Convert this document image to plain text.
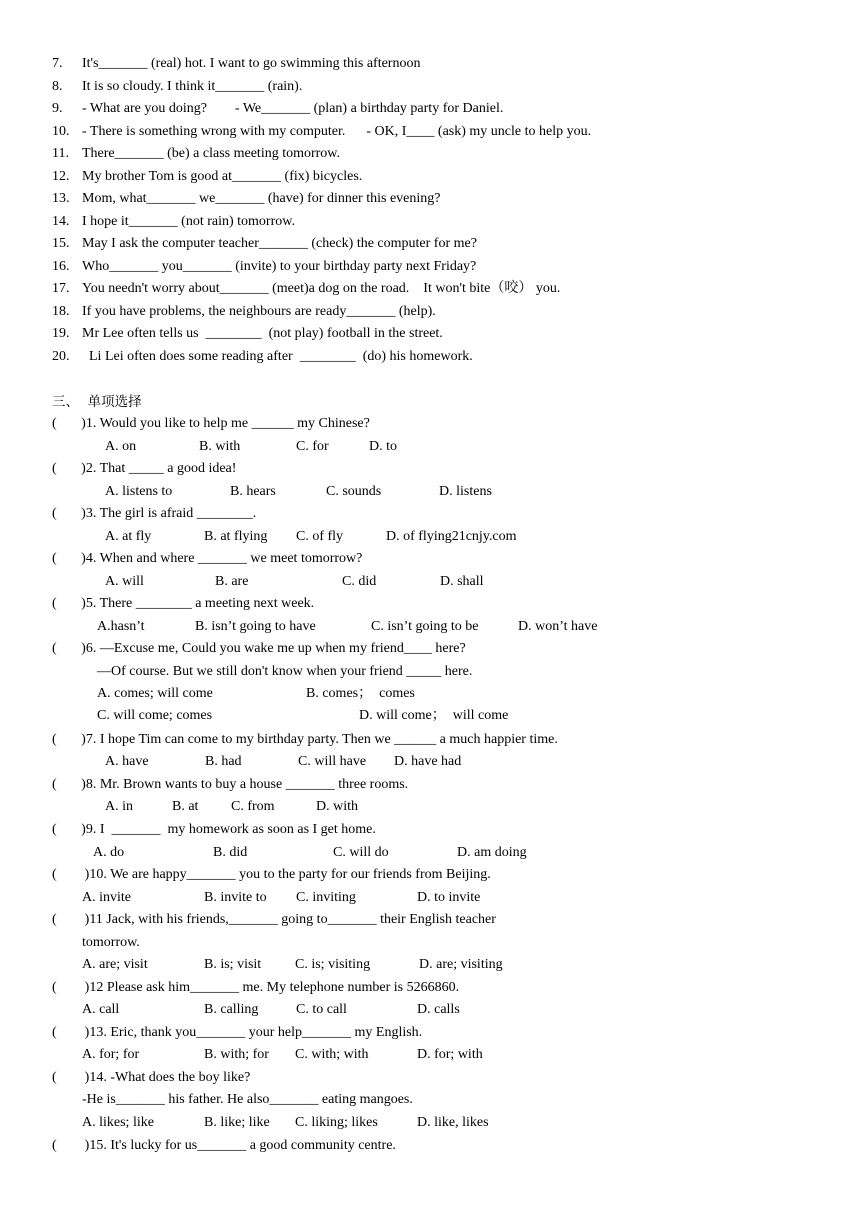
7. It's_______ (real) hot. I want to go swimming this afternoon
8. It is so cloudy. I think it_______ (rain).
9. - What are you doing?        - We_______ (plan) a birthday party for Daniel.
10. - There is something wrong with my computer.      - OK, I____ (ask) my uncle to help you.
11. There_______ (be) a class meeting tomorrow.
12. My brother Tom is good at_______ (fix) bicycles.
13. Mom, what_______ we_______ (have) for dinner this evening?
14. I hope it_______ (not rain) tomorrow.
15. May I ask the computer teacher_______ (check) the computer for me?
16. Who_______ you_______ (invite) to your birthday party next Friday?
17. You needn't worry about_______ (meet)a dog on the road.    It won't bite（咬） you.
18. If you have problems, the neighbours are ready_______ (help).
19. Mr Lee often tells us  ________  (not play) football in the street.
20. Li Lei often does some reading after  ________  (do) his homework.
三、  单项选择
(       )1. Would you like to help me ______ my Chinese?
A. on	B. with	C. for	D. to
(       )2. That _____ a good idea!
A. listens to	B. hears	C. sounds	D. listens
(       )3. The girl is afraid ________.
A. at fly	B. at flying C. of fly	D. of flying21cnjy.com
(       )4. When and where _______ we meet tomorrow?
A. will	B. are	C. did	D. shall
(       )5. There ________ a meeting next week.
A.hasn’t	B. isn’t going to have	C. isn’t going to be	D. won’t have
(       )6. —Excuse me, Could you wake me up when my friend____ here?
—Of course. But we still don't know when your friend _____ here.
A. comes; will come	B. comes；  comes
C. will come; comes	D. will come；  will come
(       )7. I hope Tim can come to my birthday party. Then we ______ a much happier time.
A. have	B. had	C. will have D. have had
(       )8. Mr. Brown wants to buy a house _______ three rooms.
A. in	B. at C. from	D. with
(       )9. I  _______  my homework as soon as I get home.
A. do	B. did	C. will do	D. am doing
(        )10. We are happy_______ you to the party for our friends from Beijing.
A. invite	B. invite to C. inviting	D. to invite
(        )11 Jack, with his friends,_______ going to_______ their English teacher
tomorrow.
A. are; visit	B. is; visit C. is; visiting	D. are; visiting
(        )12 Please ask him_______ me. My telephone number is 5266860.
A. call	B. calling	C. to call	D. calls
(        )13. Eric, thank you_______ your help_______ my English.
A. for; for	B. with; for C. with; with	D. for; with
(        )14. -What does the boy like?
-He is_______ his father. He also_______ eating mangoes.
A. likes; like	B. like; like C. liking; likes	D. like, likes
(        )15. It's lucky for us_______ a good community centre.
